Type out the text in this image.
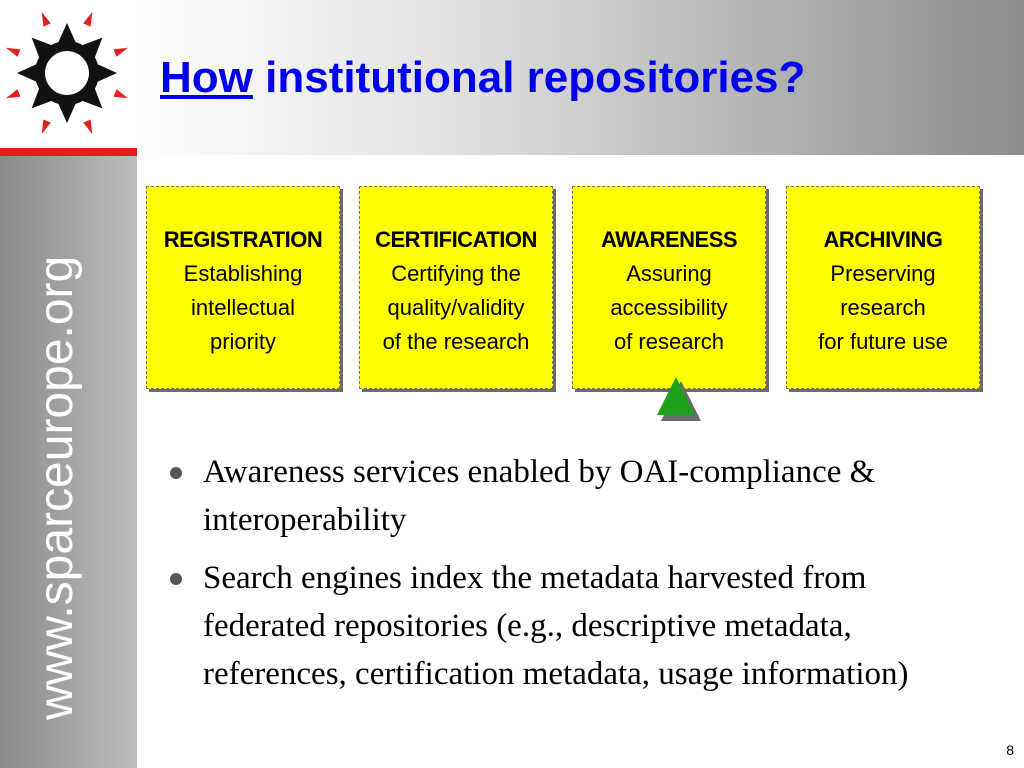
www.sparceurope.org
How institutional repositories?
REGISTRATION
Establishing
intellectual
priority
CERTIFICATION
Certifying the
quality/validity
of the research
AWARENESS
Assuring
accessibility
of research
ARCHIVING
Preserving
research
for future use
Awareness services enabled by OAI-compliance & interoperability
Search engines index the metadata harvested from federated repositories (e.g., descriptive metadata, references, certification metadata, usage information)
8
